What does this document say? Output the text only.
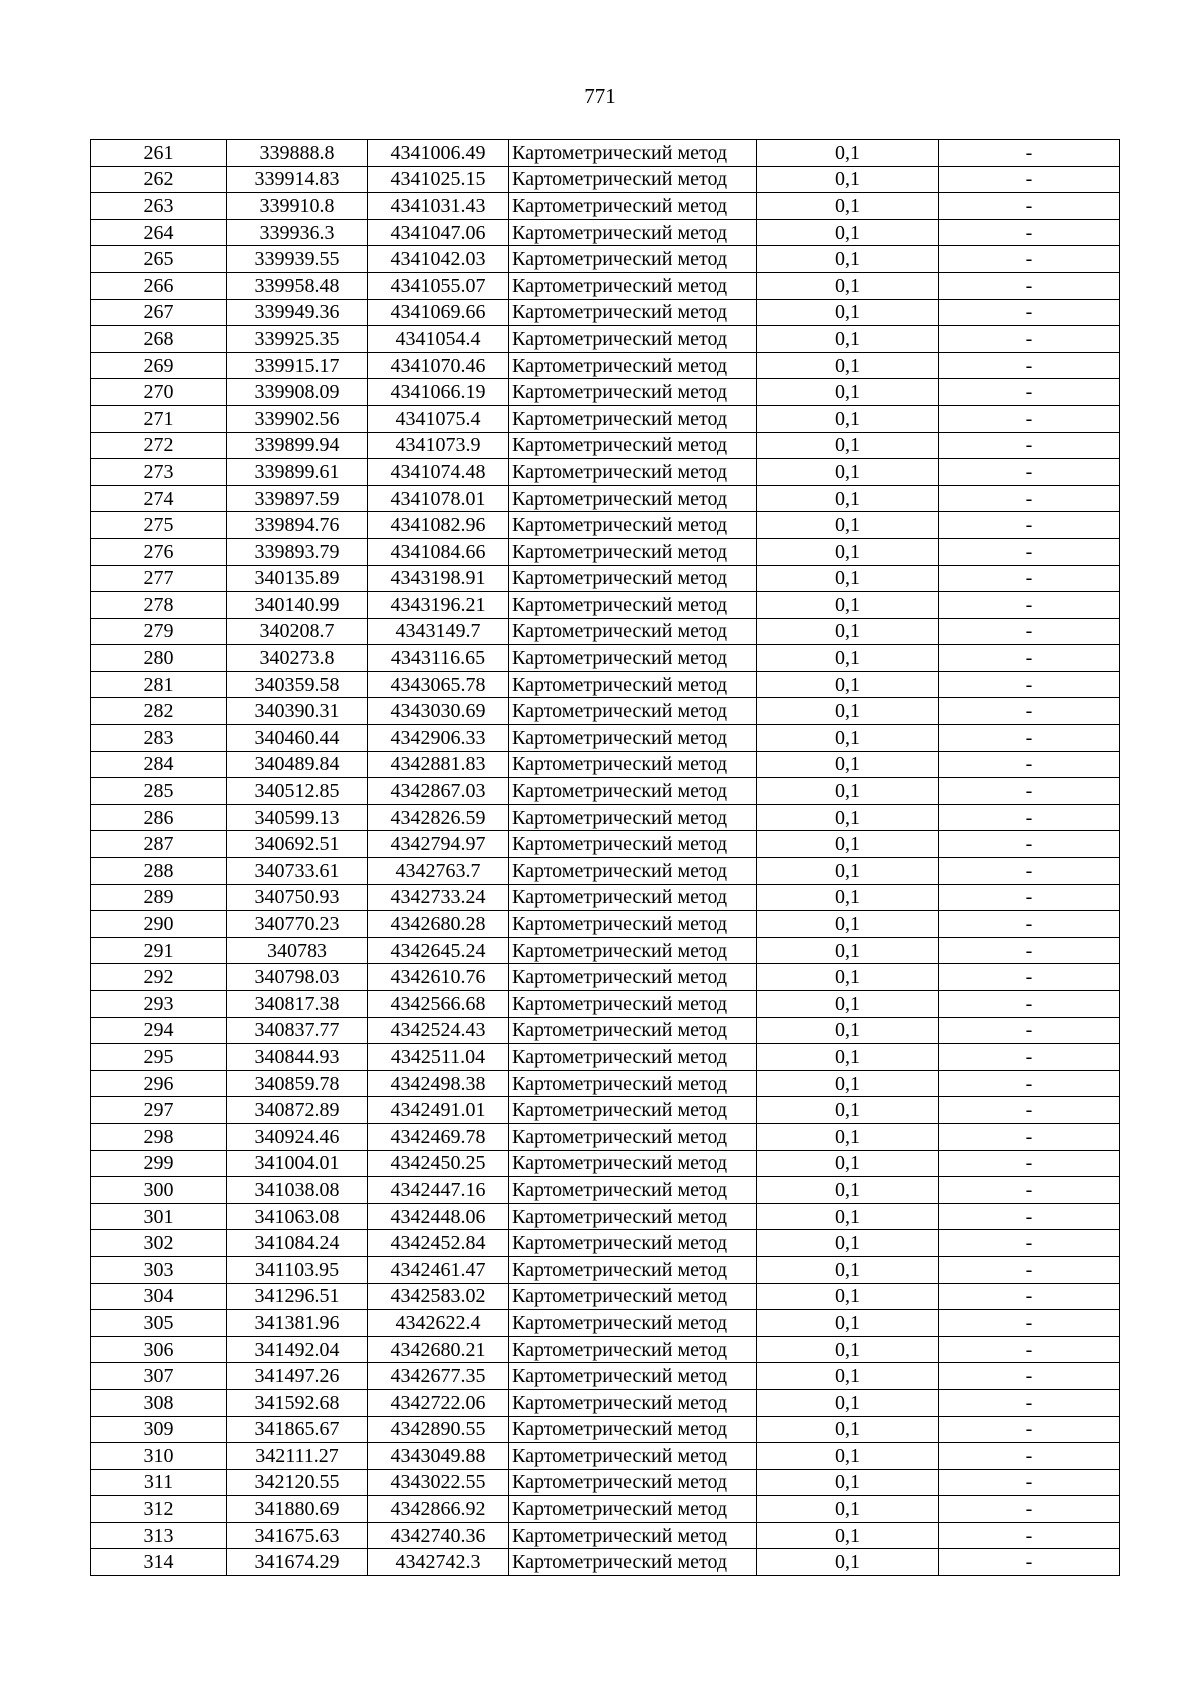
771
261	339888.8	4341006.49	Картометрический метод	0,1	-
262	339914.83	4341025.15	Картометрический метод	0,1	-
263	339910.8	4341031.43	Картометрический метод	0,1	-
264	339936.3	4341047.06	Картометрический метод	0,1	-
265	339939.55	4341042.03	Картометрический метод	0,1	-
266	339958.48	4341055.07	Картометрический метод	0,1	-
267	339949.36	4341069.66	Картометрический метод	0,1	-
268	339925.35	4341054.4	Картометрический метод	0,1	-
269	339915.17	4341070.46	Картометрический метод	0,1	-
270	339908.09	4341066.19	Картометрический метод	0,1	-
271	339902.56	4341075.4	Картометрический метод	0,1	-
272	339899.94	4341073.9	Картометрический метод	0,1	-
273	339899.61	4341074.48	Картометрический метод	0,1	-
274	339897.59	4341078.01	Картометрический метод	0,1	-
275	339894.76	4341082.96	Картометрический метод	0,1	-
276	339893.79	4341084.66	Картометрический метод	0,1	-
277	340135.89	4343198.91	Картометрический метод	0,1	-
278	340140.99	4343196.21	Картометрический метод	0,1	-
279	340208.7	4343149.7	Картометрический метод	0,1	-
280	340273.8	4343116.65	Картометрический метод	0,1	-
281	340359.58	4343065.78	Картометрический метод	0,1	-
282	340390.31	4343030.69	Картометрический метод	0,1	-
283	340460.44	4342906.33	Картометрический метод	0,1	-
284	340489.84	4342881.83	Картометрический метод	0,1	-
285	340512.85	4342867.03	Картометрический метод	0,1	-
286	340599.13	4342826.59	Картометрический метод	0,1	-
287	340692.51	4342794.97	Картометрический метод	0,1	-
288	340733.61	4342763.7	Картометрический метод	0,1	-
289	340750.93	4342733.24	Картометрический метод	0,1	-
290	340770.23	4342680.28	Картометрический метод	0,1	-
291	340783	4342645.24	Картометрический метод	0,1	-
292	340798.03	4342610.76	Картометрический метод	0,1	-
293	340817.38	4342566.68	Картометрический метод	0,1	-
294	340837.77	4342524.43	Картометрический метод	0,1	-
295	340844.93	4342511.04	Картометрический метод	0,1	-
296	340859.78	4342498.38	Картометрический метод	0,1	-
297	340872.89	4342491.01	Картометрический метод	0,1	-
298	340924.46	4342469.78	Картометрический метод	0,1	-
299	341004.01	4342450.25	Картометрический метод	0,1	-
300	341038.08	4342447.16	Картометрический метод	0,1	-
301	341063.08	4342448.06	Картометрический метод	0,1	-
302	341084.24	4342452.84	Картометрический метод	0,1	-
303	341103.95	4342461.47	Картометрический метод	0,1	-
304	341296.51	4342583.02	Картометрический метод	0,1	-
305	341381.96	4342622.4	Картометрический метод	0,1	-
306	341492.04	4342680.21	Картометрический метод	0,1	-
307	341497.26	4342677.35	Картометрический метод	0,1	-
308	341592.68	4342722.06	Картометрический метод	0,1	-
309	341865.67	4342890.55	Картометрический метод	0,1	-
310	342111.27	4343049.88	Картометрический метод	0,1	-
311	342120.55	4343022.55	Картометрический метод	0,1	-
312	341880.69	4342866.92	Картометрический метод	0,1	-
313	341675.63	4342740.36	Картометрический метод	0,1	-
314	341674.29	4342742.3	Картометрический метод	0,1	-
